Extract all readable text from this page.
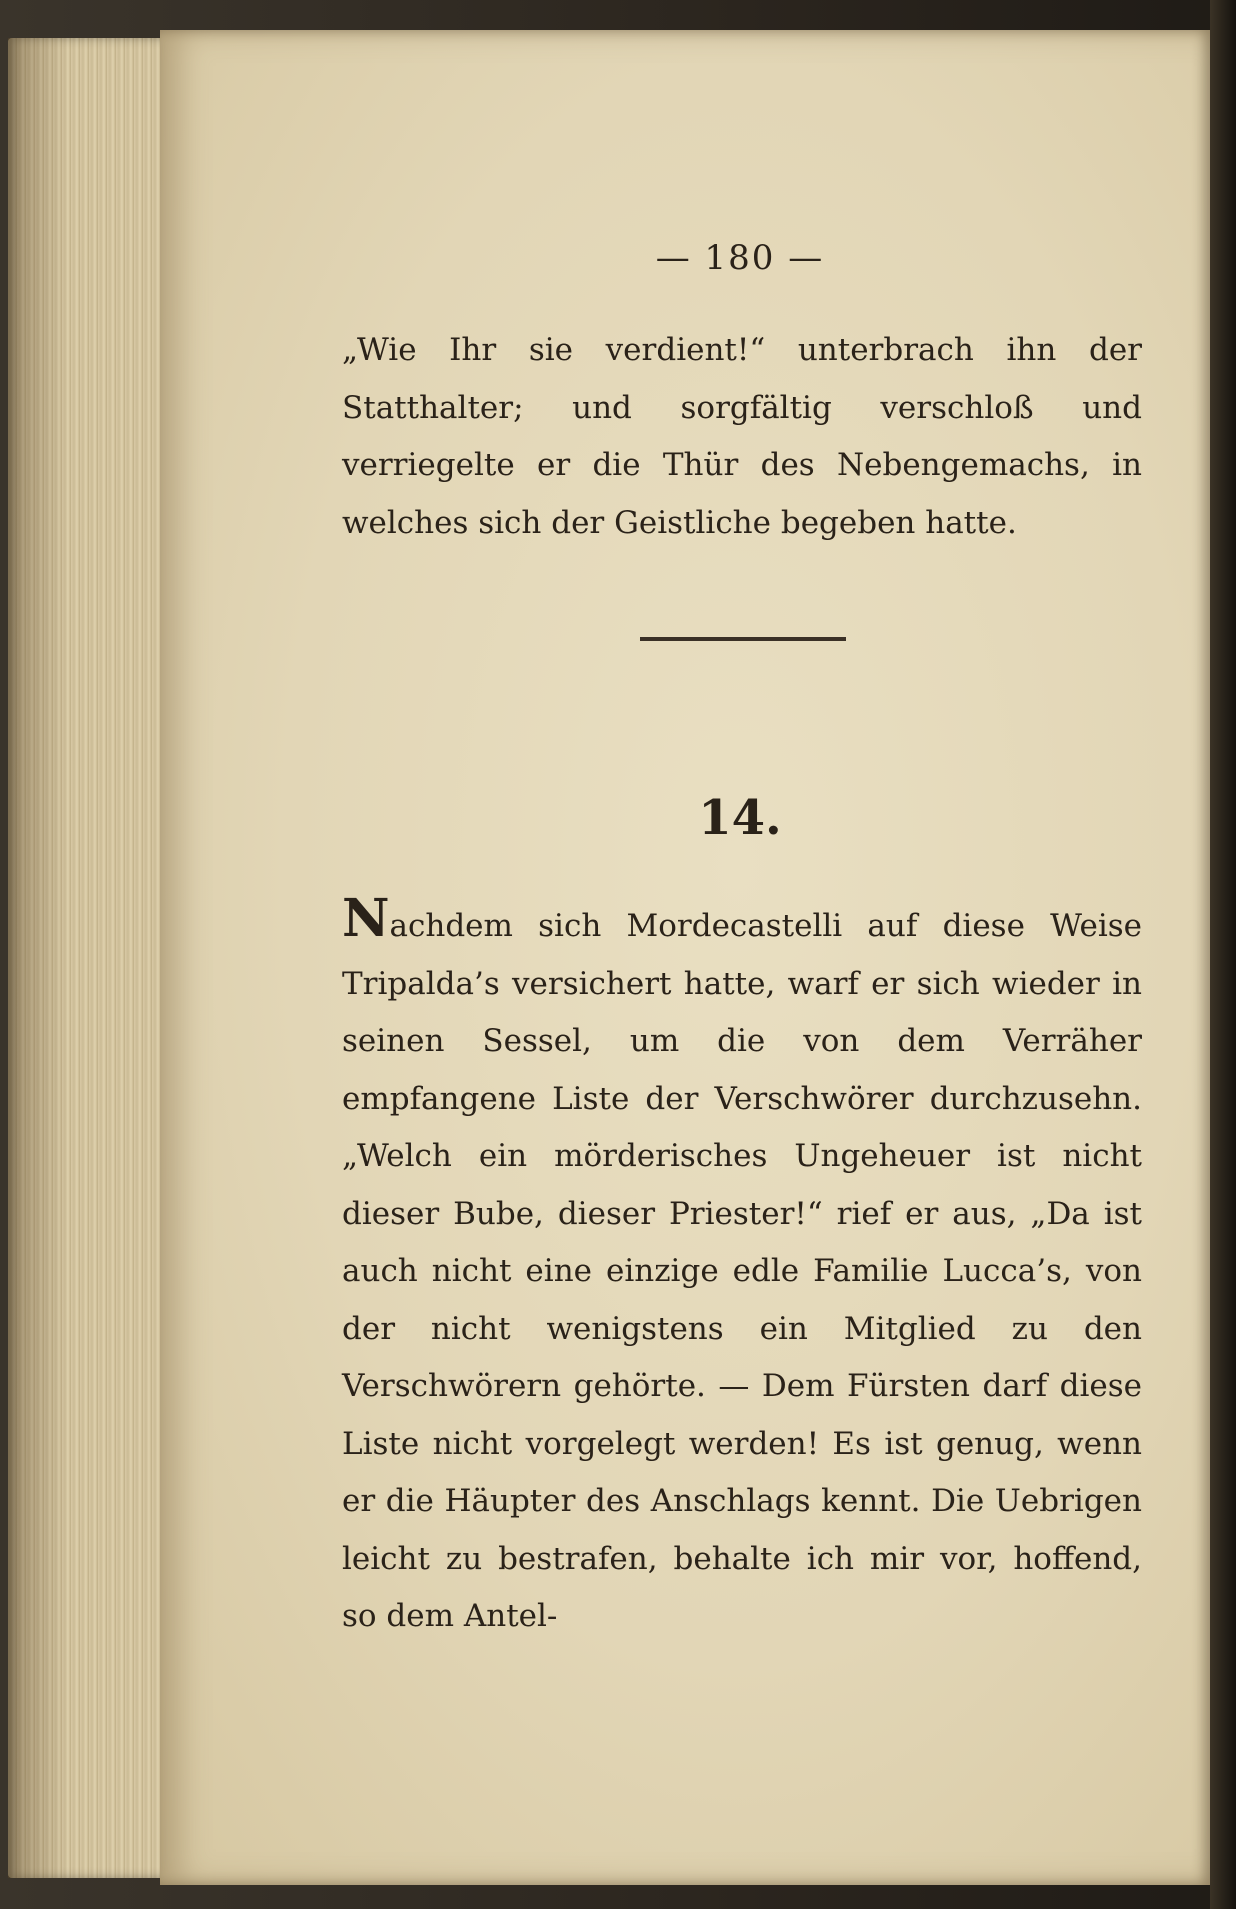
— 180 —
„Wie Ihr sie verdient!“ unterbrach ihn der Statthalter; und sorgfältig verschloß und verriegelte er die Thür des Nebengemachs, in welches sich der Geistliche begeben hatte.
14.
Nachdem sich Mordecastelli auf diese Weise Tripalda’s versichert hatte, warf er sich wieder in seinen Sessel, um die von dem Verräher empfangene Liste der Verschwörer durchzusehn. „Welch ein mörderisches Ungeheuer ist nicht dieser Bube, dieser Priester!“ rief er aus, „Da ist auch nicht eine einzige edle Familie Lucca’s, von der nicht wenigstens ein Mitglied zu den Verschwörern gehörte. — Dem Fürsten darf diese Liste nicht vorgelegt werden! Es ist genug, wenn er die Häupter des Anschlags kennt. Die Uebrigen leicht zu bestrafen, behalte ich mir vor, hoffend, so dem Antel-
